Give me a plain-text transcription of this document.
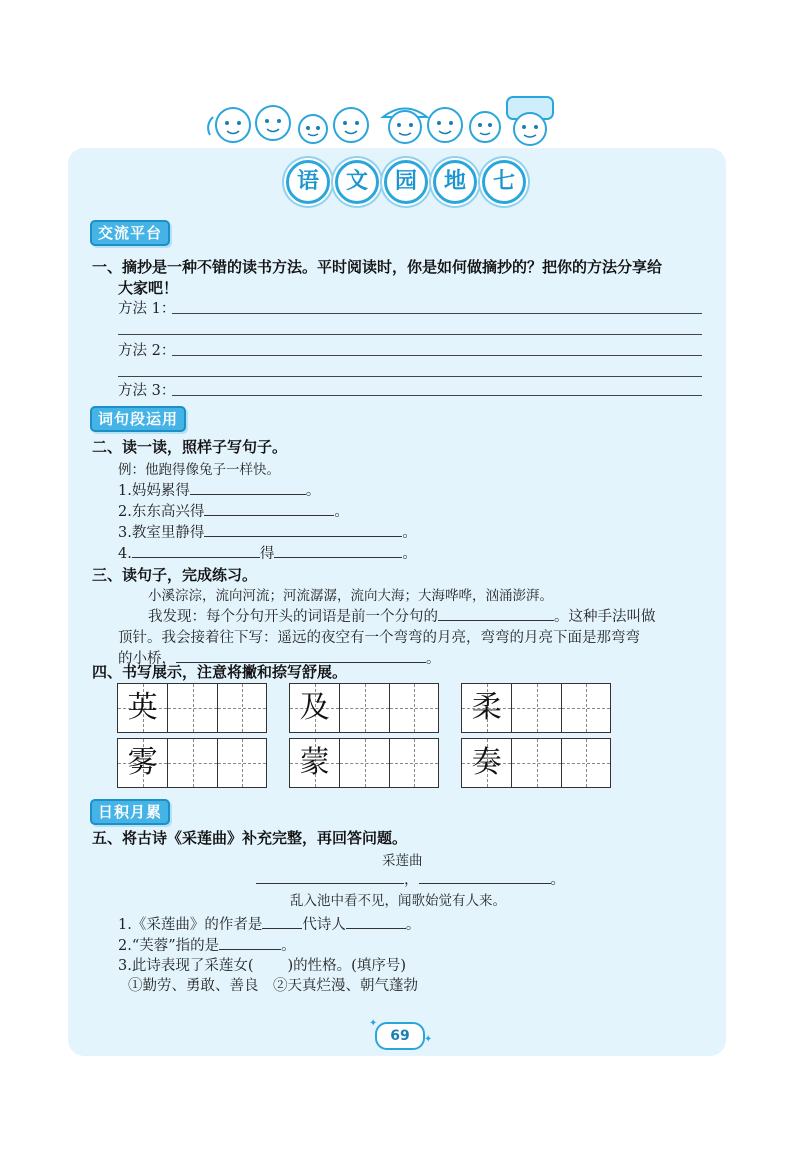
语	文	园	地	七
交流平台
一、摘抄是一种不错的读书方法。平时阅读时，你是如何做摘抄的？把你的方法分享给
大家吧！
方法 1：
方法 2：
方法 3：
词句段运用
二、读一读，照样子写句子。
例：他跑得像兔子一样快。
1.妈妈累得	。
2.东东高兴得	。
3.教室里静得	。
4.	得	。
三、读句子，完成练习。
小溪淙淙，流向河流；河流潺潺，流向大海；大海哗哗，汹涌澎湃。
我发现：每个分句开头的词语是前一个分句的	。这种手法叫做
顶针。我会接着往下写：遥远的夜空有一个弯弯的月亮，弯弯的月亮下面是那弯弯
的小桥，	。
四、书写展示，注意将撇和捺写舒展。
英	及	柔
雾	蒙	奏
日积月累
五、将古诗《采莲曲》补充完整，再回答问题。
采莲曲
，	。
乱入池中看不见，闻歌始觉有人来。
1.《采莲曲》的作者是	代诗人	。
2.“芙蓉”指的是	。
3.此诗表现了采莲女( )的性格。(填序号)
①勤劳、勇敢、善良　②天真烂漫、朝气蓬勃
69
✦
✦
